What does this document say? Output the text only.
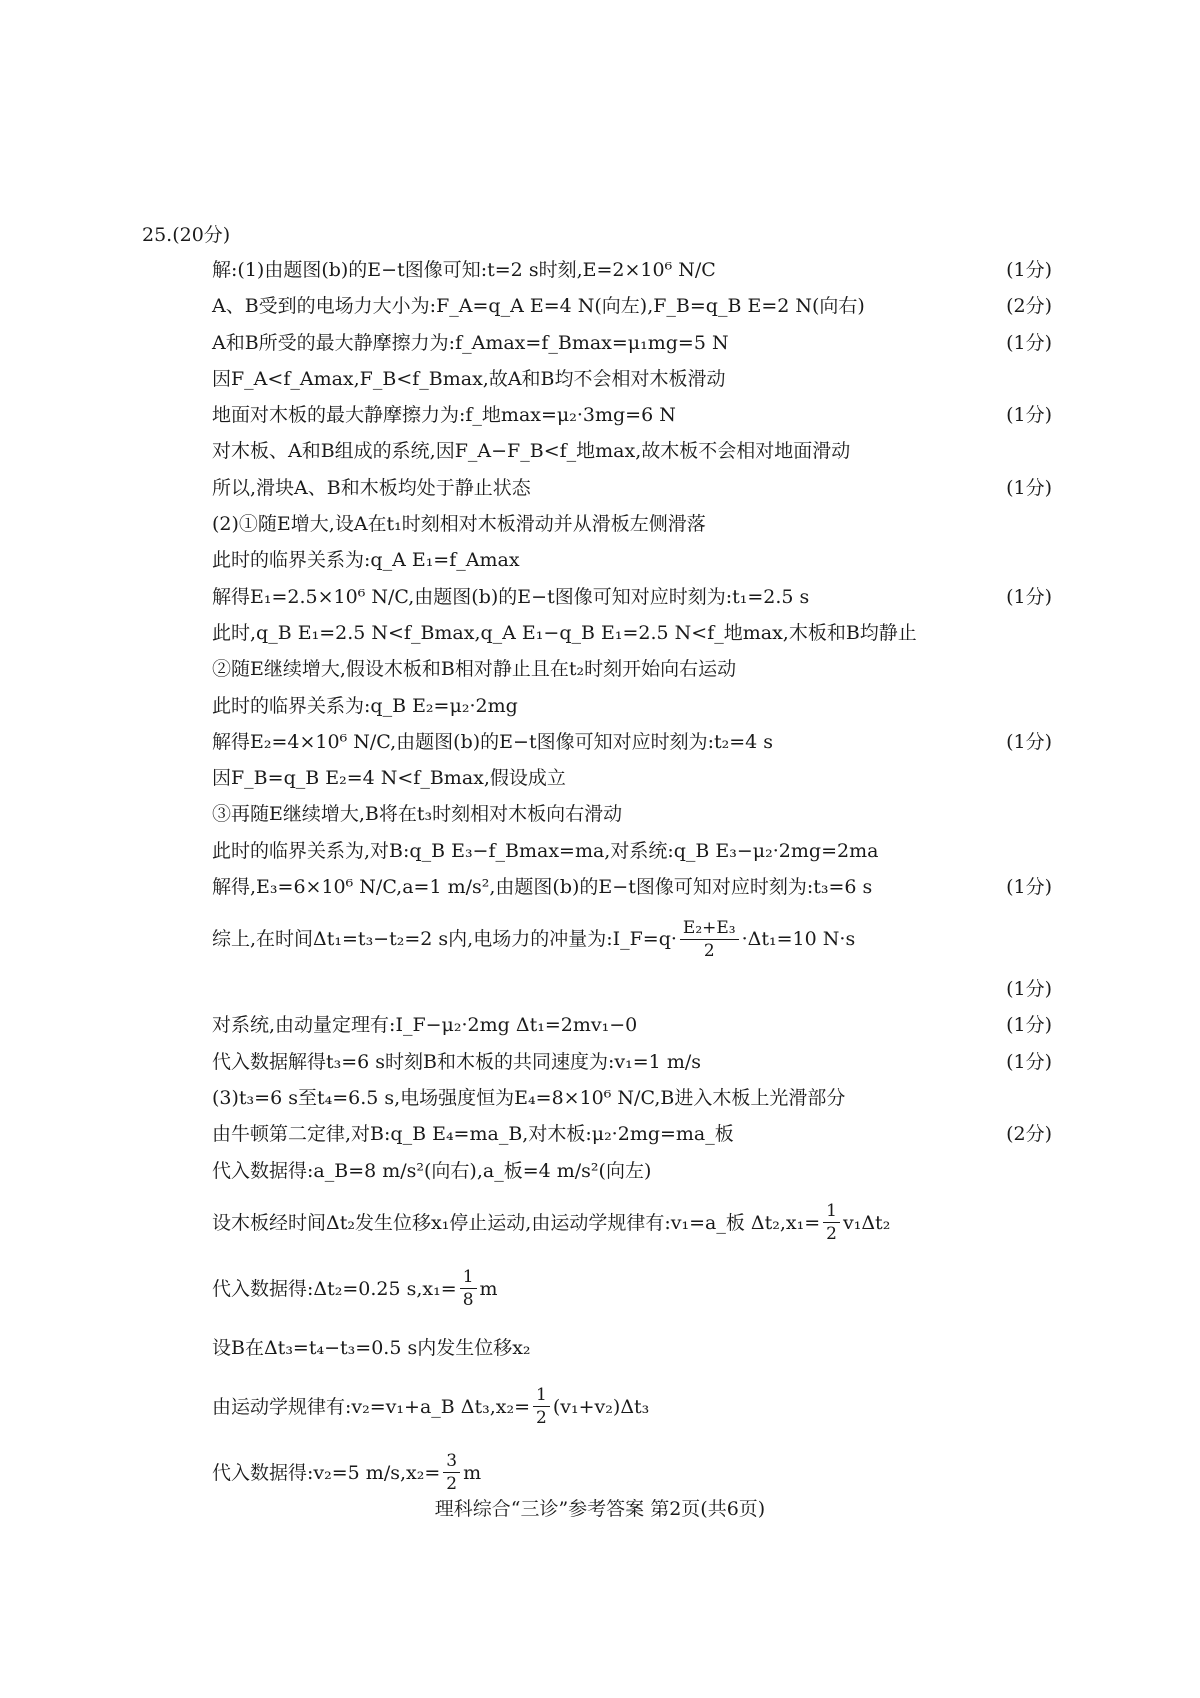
25.(20分)
解:(1)由题图(b)的E−t图像可知:t=2 s时刻,E=2×10⁶ N/C	(1分)
A、B受到的电场力大小为:F_A=q_A E=4 N(向左),F_B=q_B E=2 N(向右)	(2分)
A和B所受的最大静摩擦力为:f_Amax=f_Bmax=μ₁mg=5 N	(1分)
因F_A<f_Amax,F_B<f_Bmax,故A和B均不会相对木板滑动
地面对木板的最大静摩擦力为:f_地max=μ₂·3mg=6 N	(1分)
对木板、A和B组成的系统,因F_A−F_B<f_地max,故木板不会相对地面滑动
所以,滑块A、B和木板均处于静止状态	(1分)
(2)①随E增大,设A在t₁时刻相对木板滑动并从滑板左侧滑落
此时的临界关系为:q_A E₁=f_Amax
解得E₁=2.5×10⁶ N/C,由题图(b)的E−t图像可知对应时刻为:t₁=2.5 s	(1分)
此时,q_B E₁=2.5 N<f_Bmax,q_A E₁−q_B E₁=2.5 N<f_地max,木板和B均静止
②随E继续增大,假设木板和B相对静止且在t₂时刻开始向右运动
此时的临界关系为:q_B E₂=μ₂·2mg
解得E₂=4×10⁶ N/C,由题图(b)的E−t图像可知对应时刻为:t₂=4 s	(1分)
因F_B=q_B E₂=4 N<f_Bmax,假设成立
③再随E继续增大,B将在t₃时刻相对木板向右滑动
此时的临界关系为,对B:q_B E₃−f_Bmax=ma,对系统:q_B E₃−μ₂·2mg=2ma
解得,E₃=6×10⁶ N/C,a=1 m/s²,由题图(b)的E−t图像可知对应时刻为:t₃=6 s	(1分)
综上,在时间Δt₁=t₃−t₂=2 s内,电场力的冲量为:I_F=q· $\frac{\text{E₂+E₃}}{2} \cdot\Delta t_1=10$ N·s
(1分)
对系统,由动量定理有:I_F−μ₂·2mg Δt₁=2mv₁−0	(1分)
代入数据解得t₃=6 s时刻B和木板的共同速度为:v₁=1 m/s	(1分)
(3)t₃=6 s至t₄=6.5 s,电场强度恒为E₄=8×10⁶ N/C,B进入木板上光滑部分
由牛顿第二定律,对B:q_B E₄=ma_B,对木板:μ₂·2mg=ma_板	(2分)
代入数据得:a_B=8 m/s²(向右),a_板=4 m/s²(向左)
设木板经时间Δt₂发生位移x₁停止运动,由运动学规律有:v₁=a_板 $\Delta t_2,x_1= \frac{1}{2} v_1\Delta t_2$
代入数据得:Δt₂=0.25 $s,x_1= \frac{1}{8}$ m
设B在Δt₃=t₄−t₃=0.5 s内发生位移x₂
由运动学规律有:v₂=v₁+a_B $\Delta t_3,x_2= \frac{1}{2} (v_1+v_2)\Delta t_3$
代入数据得:v₂=5 $m/s,x_2= \frac{3}{2}$ m
理科综合“三诊”参考答案 第2页(共6页)
